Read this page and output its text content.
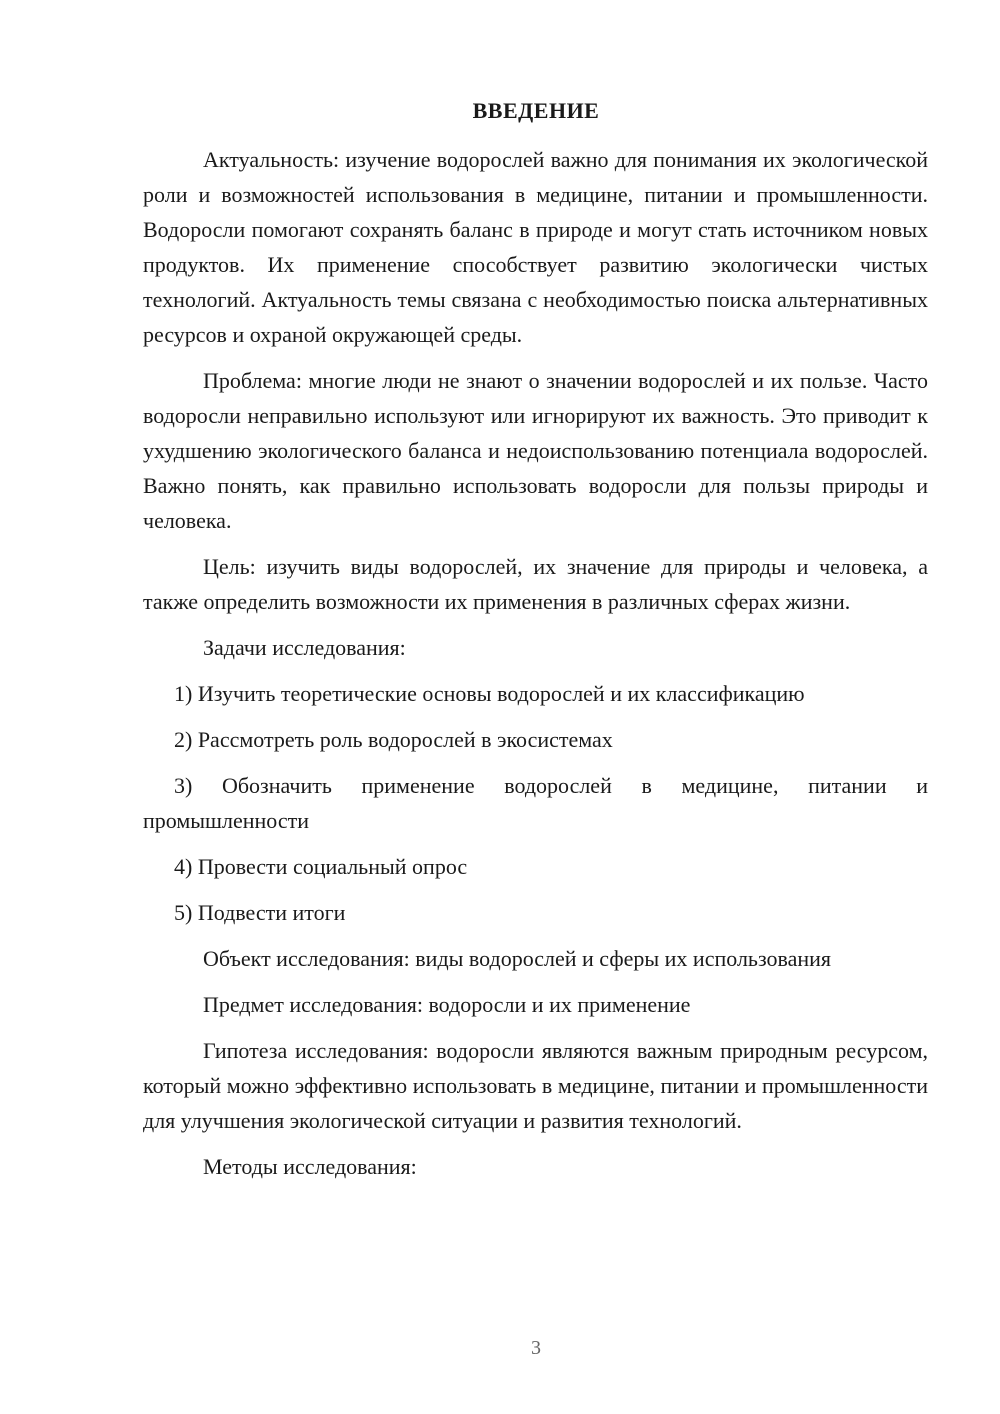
ВВЕДЕНИЕ

Актуальность: изучение водорослей важно для понимания их экологической роли и возможностей использования в медицине, питании и промышленности. Водоросли помогают сохранять баланс в природе и могут стать источником новых продуктов. Их применение способствует развитию экологически чистых технологий. Актуальность темы связана с необходимостью поиска альтернативных ресурсов и охраной окружающей среды.

Проблема: многие люди не знают о значении водорослей и их пользе. Часто водоросли неправильно используют или игнорируют их важность. Это приводит к ухудшению экологического баланса и недоиспользованию потенциала водорослей. Важно понять, как правильно использовать водоросли для пользы природы и человека.

Цель: изучить виды водорослей, их значение для природы и человека, а также определить возможности их применения в различных сферах жизни.

Задачи исследования:

1) Изучить теоретические основы водорослей и их классификацию

2) Рассмотреть роль водорослей в экосистемах

3) Обозначить применение водорослей в медицине, питании и промышленности

4) Провести социальный опрос

5) Подвести итоги

Объект исследования: виды водорослей и сферы их использования

Предмет исследования: водоросли и их применение

Гипотеза исследования: водоросли являются важным природным ресурсом, который можно эффективно использовать в медицине, питании и промышленности для улучшения экологической ситуации и развития технологий.

Методы исследования:

3
